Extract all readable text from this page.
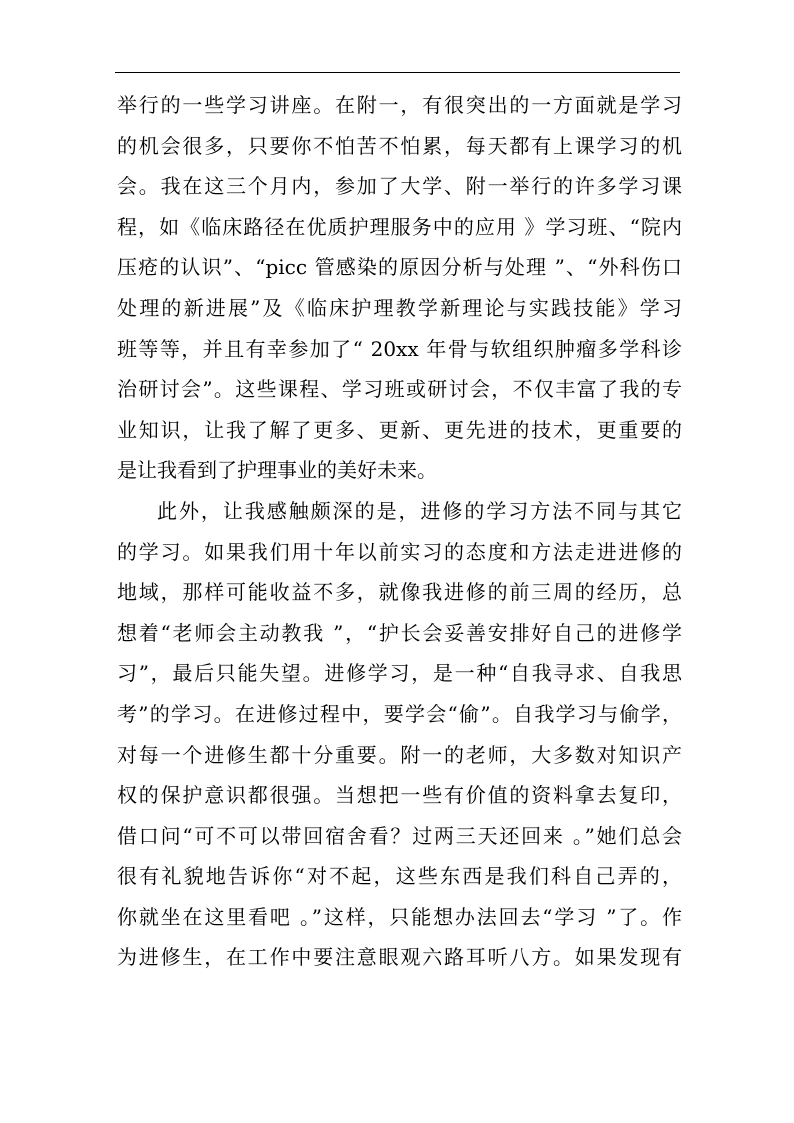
举行的一些学习讲座。在附一，有很突出的一方面就是学习
的机会很多，只要你不怕苦不怕累，每天都有上课学习的机
会。我在这三个月内，参加了大学、附一举行的许多学习课
程，如《临床路径在优质护理服务中的应用 》学习班、“院内
压疮的认识”、“picc 管感染的原因分析与处理 ”、“外科伤口
处理的新进展”及《临床护理教学新理论与实践技能》学习
班等等，并且有幸参加了“ 20xx 年骨与软组织肿瘤多学科诊
治研讨会”。这些课程、学习班或研讨会，不仅丰富了我的专
业知识，让我了解了更多、更新、更先进的技术，更重要的
是让我看到了护理事业的美好未来。
此外，让我感触颇深的是，进修的学习方法不同与其它
的学习。如果我们用十年以前实习的态度和方法走进进修的
地域，那样可能收益不多，就像我进修的前三周的经历，总
想着“老师会主动教我 ”，“护长会妥善安排好自己的进修学
习”，最后只能失望。进修学习，是一种“自我寻求、自我思
考”的学习。在进修过程中，要学会“偷”。自我学习与偷学，
对每一个进修生都十分重要。附一的老师，大多数对知识产
权的保护意识都很强。当想把一些有价值的资料拿去复印，
借口问“可不可以带回宿舍看？过两三天还回来 。”她们总会
很有礼貌地告诉你“对不起，这些东西是我们科自己弄的，
你就坐在这里看吧 。”这样，只能想办法回去“学习 ”了。作
为进修生，在工作中要注意眼观六路耳听八方。如果发现有
